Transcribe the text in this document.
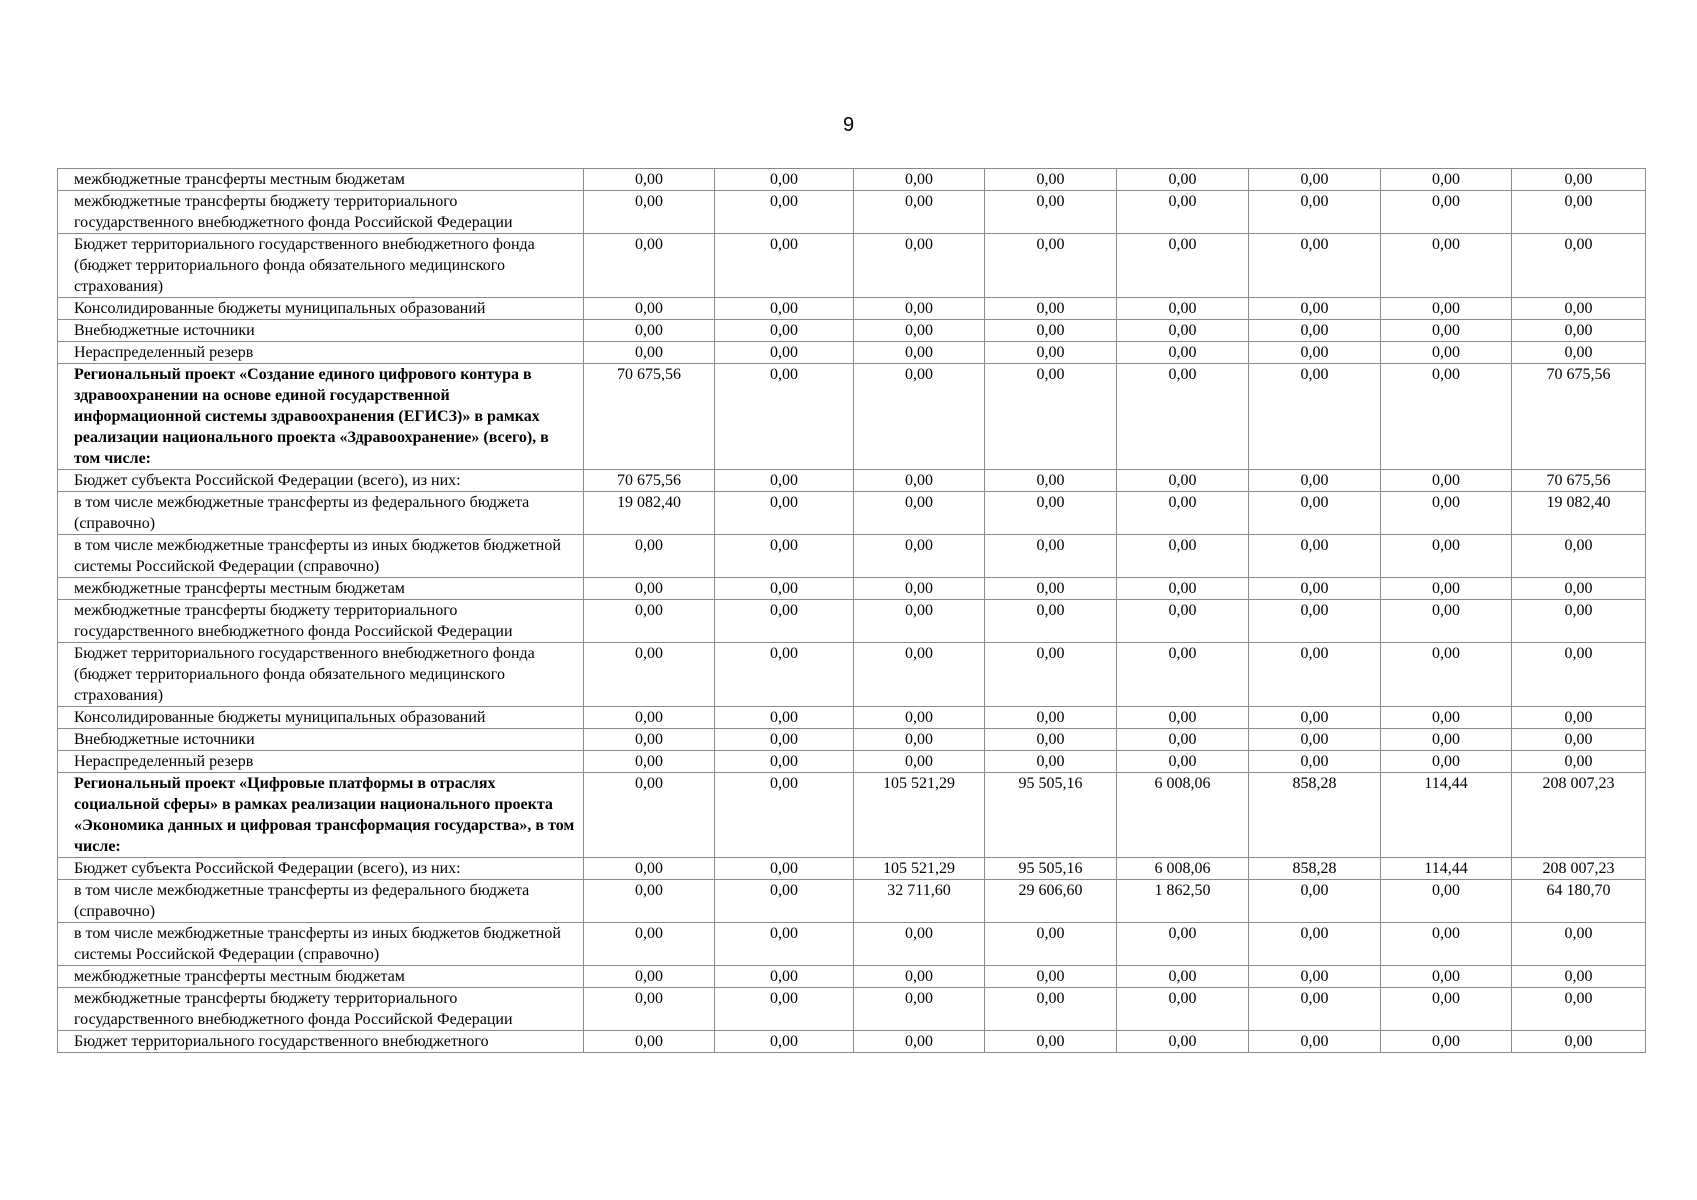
9
межбюджетные трансферты местным бюджетам	0,00	0,00	0,00	0,00	0,00	0,00	0,00	0,00
межбюджетные трансферты бюджету территориального государственного внебюджетного фонда Российской Федерации	0,00	0,00	0,00	0,00	0,00	0,00	0,00	0,00
Бюджет территориального государственного внебюджетного фонда (бюджет территориального фонда обязательного медицинского страхования)	0,00	0,00	0,00	0,00	0,00	0,00	0,00	0,00
Консолидированные бюджеты муниципальных образований	0,00	0,00	0,00	0,00	0,00	0,00	0,00	0,00
Внебюджетные источники	0,00	0,00	0,00	0,00	0,00	0,00	0,00	0,00
Нераспределенный резерв	0,00	0,00	0,00	0,00	0,00	0,00	0,00	0,00
Региональный проект «Создание единого цифрового контура в здравоохранении на основе единой государственной информационной системы здравоохранения (ЕГИСЗ)» в рамках реализации национального проекта «Здравоохранение» (всего), в том числе:	70 675,56	0,00	0,00	0,00	0,00	0,00	0,00	70 675,56
Бюджет субъекта Российской Федерации (всего), из них:	70 675,56	0,00	0,00	0,00	0,00	0,00	0,00	70 675,56
в том числе межбюджетные трансферты из федерального бюджета (справочно)	19 082,40	0,00	0,00	0,00	0,00	0,00	0,00	19 082,40
в том числе межбюджетные трансферты из иных бюджетов бюджетной системы Российской Федерации (справочно)	0,00	0,00	0,00	0,00	0,00	0,00	0,00	0,00
межбюджетные трансферты местным бюджетам	0,00	0,00	0,00	0,00	0,00	0,00	0,00	0,00
межбюджетные трансферты бюджету территориального государственного внебюджетного фонда Российской Федерации	0,00	0,00	0,00	0,00	0,00	0,00	0,00	0,00
Бюджет территориального государственного внебюджетного фонда (бюджет территориального фонда обязательного медицинского страхования)	0,00	0,00	0,00	0,00	0,00	0,00	0,00	0,00
Консолидированные бюджеты муниципальных образований	0,00	0,00	0,00	0,00	0,00	0,00	0,00	0,00
Внебюджетные источники	0,00	0,00	0,00	0,00	0,00	0,00	0,00	0,00
Нераспределенный резерв	0,00	0,00	0,00	0,00	0,00	0,00	0,00	0,00
Региональный проект «Цифровые платформы в отраслях социальной сферы» в рамках реализации национального проекта «Экономика данных и цифровая трансформация государства», в том числе:	0,00	0,00	105 521,29	95 505,16	6 008,06	858,28	114,44	208 007,23
Бюджет субъекта Российской Федерации (всего), из них:	0,00	0,00	105 521,29	95 505,16	6 008,06	858,28	114,44	208 007,23
в том числе межбюджетные трансферты из федерального бюджета (справочно)	0,00	0,00	32 711,60	29 606,60	1 862,50	0,00	0,00	64 180,70
в том числе межбюджетные трансферты из иных бюджетов бюджетной системы Российской Федерации (справочно)	0,00	0,00	0,00	0,00	0,00	0,00	0,00	0,00
межбюджетные трансферты местным бюджетам	0,00	0,00	0,00	0,00	0,00	0,00	0,00	0,00
межбюджетные трансферты бюджету территориального государственного внебюджетного фонда Российской Федерации	0,00	0,00	0,00	0,00	0,00	0,00	0,00	0,00
Бюджет территориального государственного внебюджетного	0,00	0,00	0,00	0,00	0,00	0,00	0,00	0,00
